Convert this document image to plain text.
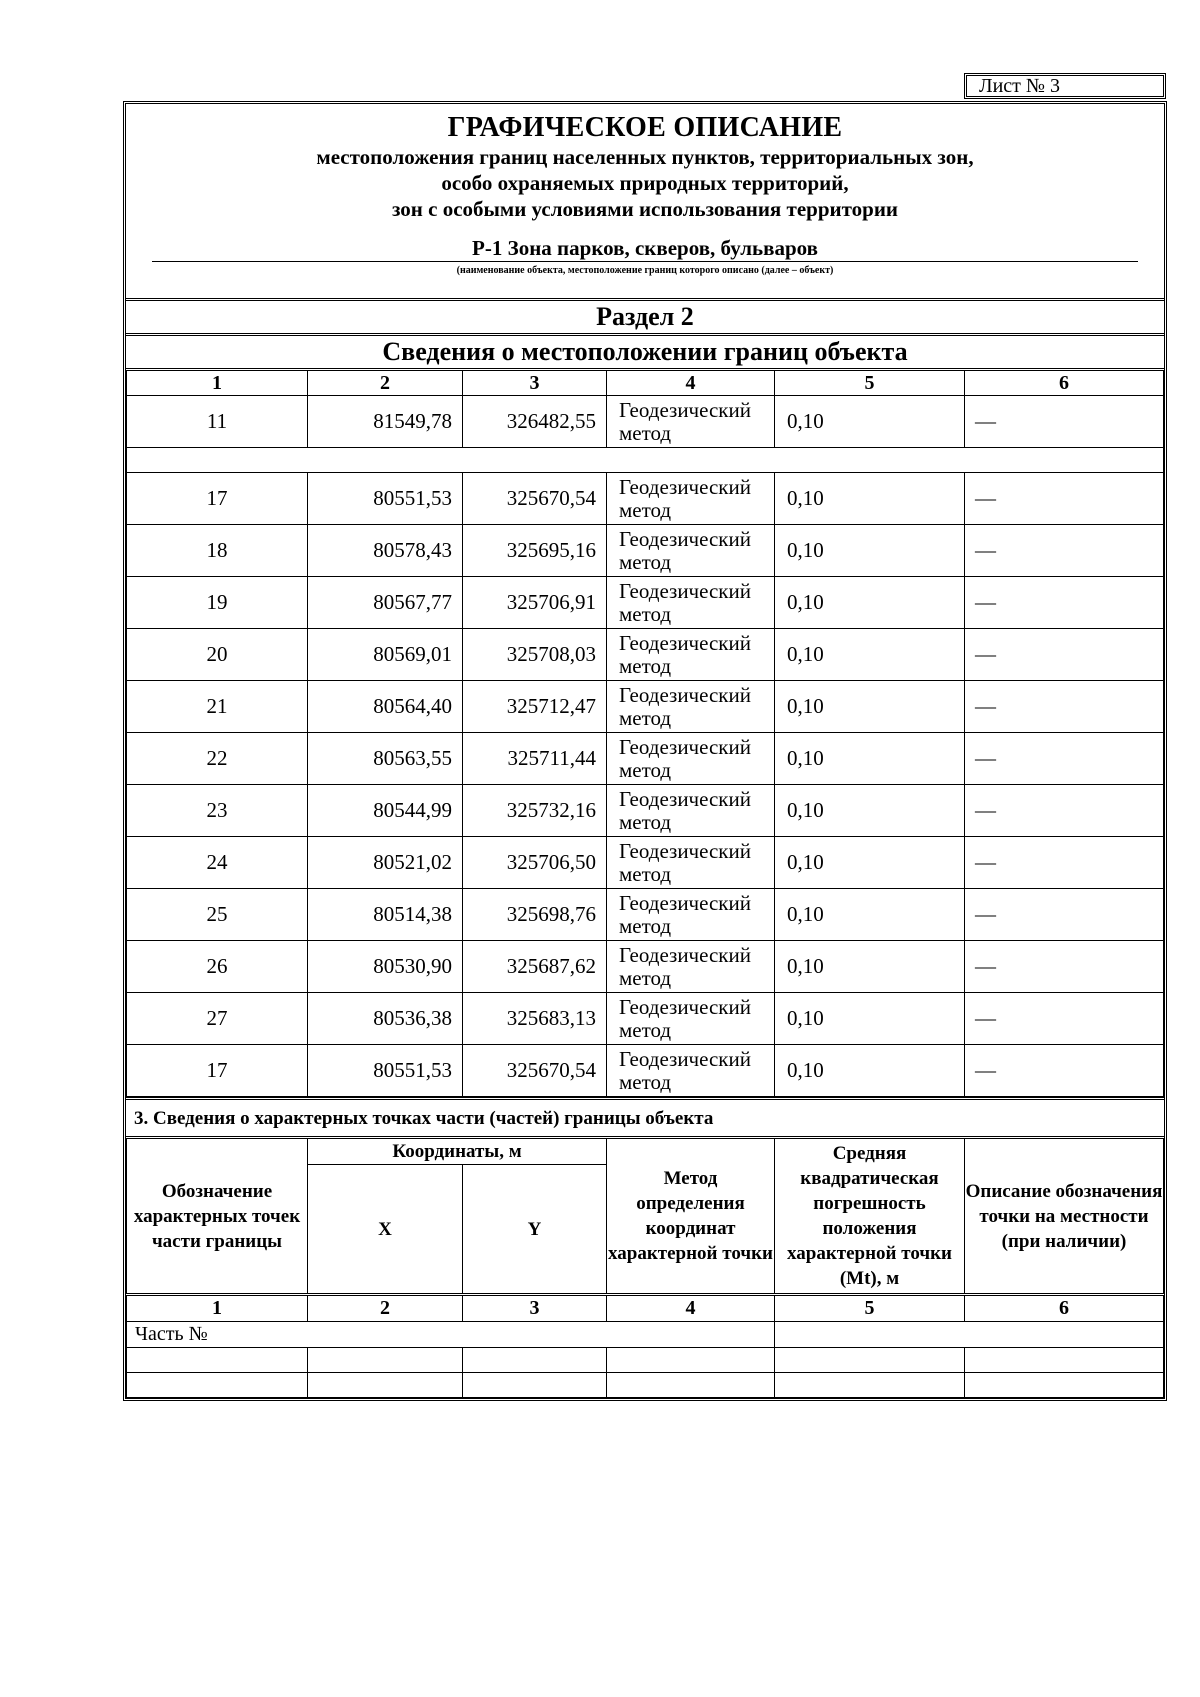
Лист № 3
ГРАФИЧЕСКОЕ ОПИСАНИЕ
местоположения границ населенных пунктов, территориальных зон,
особо охраняемых природных территорий,
зон с особыми условиями использования территории
Р-1 Зона парков, скверов, бульваров
(наименование объекта, местоположение границ которого описано (далее – объект)
Раздел 2
Сведения о местоположении границ объекта
1	2	3	4	5	6
11	81549,78	326482,55	Геодезический метод	0,10	—

17	80551,53	325670,54	Геодезический метод	0,10	—
18	80578,43	325695,16	Геодезический метод	0,10	—
19	80567,77	325706,91	Геодезический метод	0,10	—
20	80569,01	325708,03	Геодезический метод	0,10	—
21	80564,40	325712,47	Геодезический метод	0,10	—
22	80563,55	325711,44	Геодезический метод	0,10	—
23	80544,99	325732,16	Геодезический метод	0,10	—
24	80521,02	325706,50	Геодезический метод	0,10	—
25	80514,38	325698,76	Геодезический метод	0,10	—
26	80530,90	325687,62	Геодезический метод	0,10	—
27	80536,38	325683,13	Геодезический метод	0,10	—
17	80551,53	325670,54	Геодезический метод	0,10	—
3. Сведения о характерных точках части (частей) границы объекта
Обозначение характерных точек части границы	Координаты, м		Метод определения координат характерной точки	Средняя квадратическая погрешность положения характерной точки (Mt), м	Описание обозначения точки на местности (при наличии)
	X	Y			
1	2	3	4	5	6
Часть №					
